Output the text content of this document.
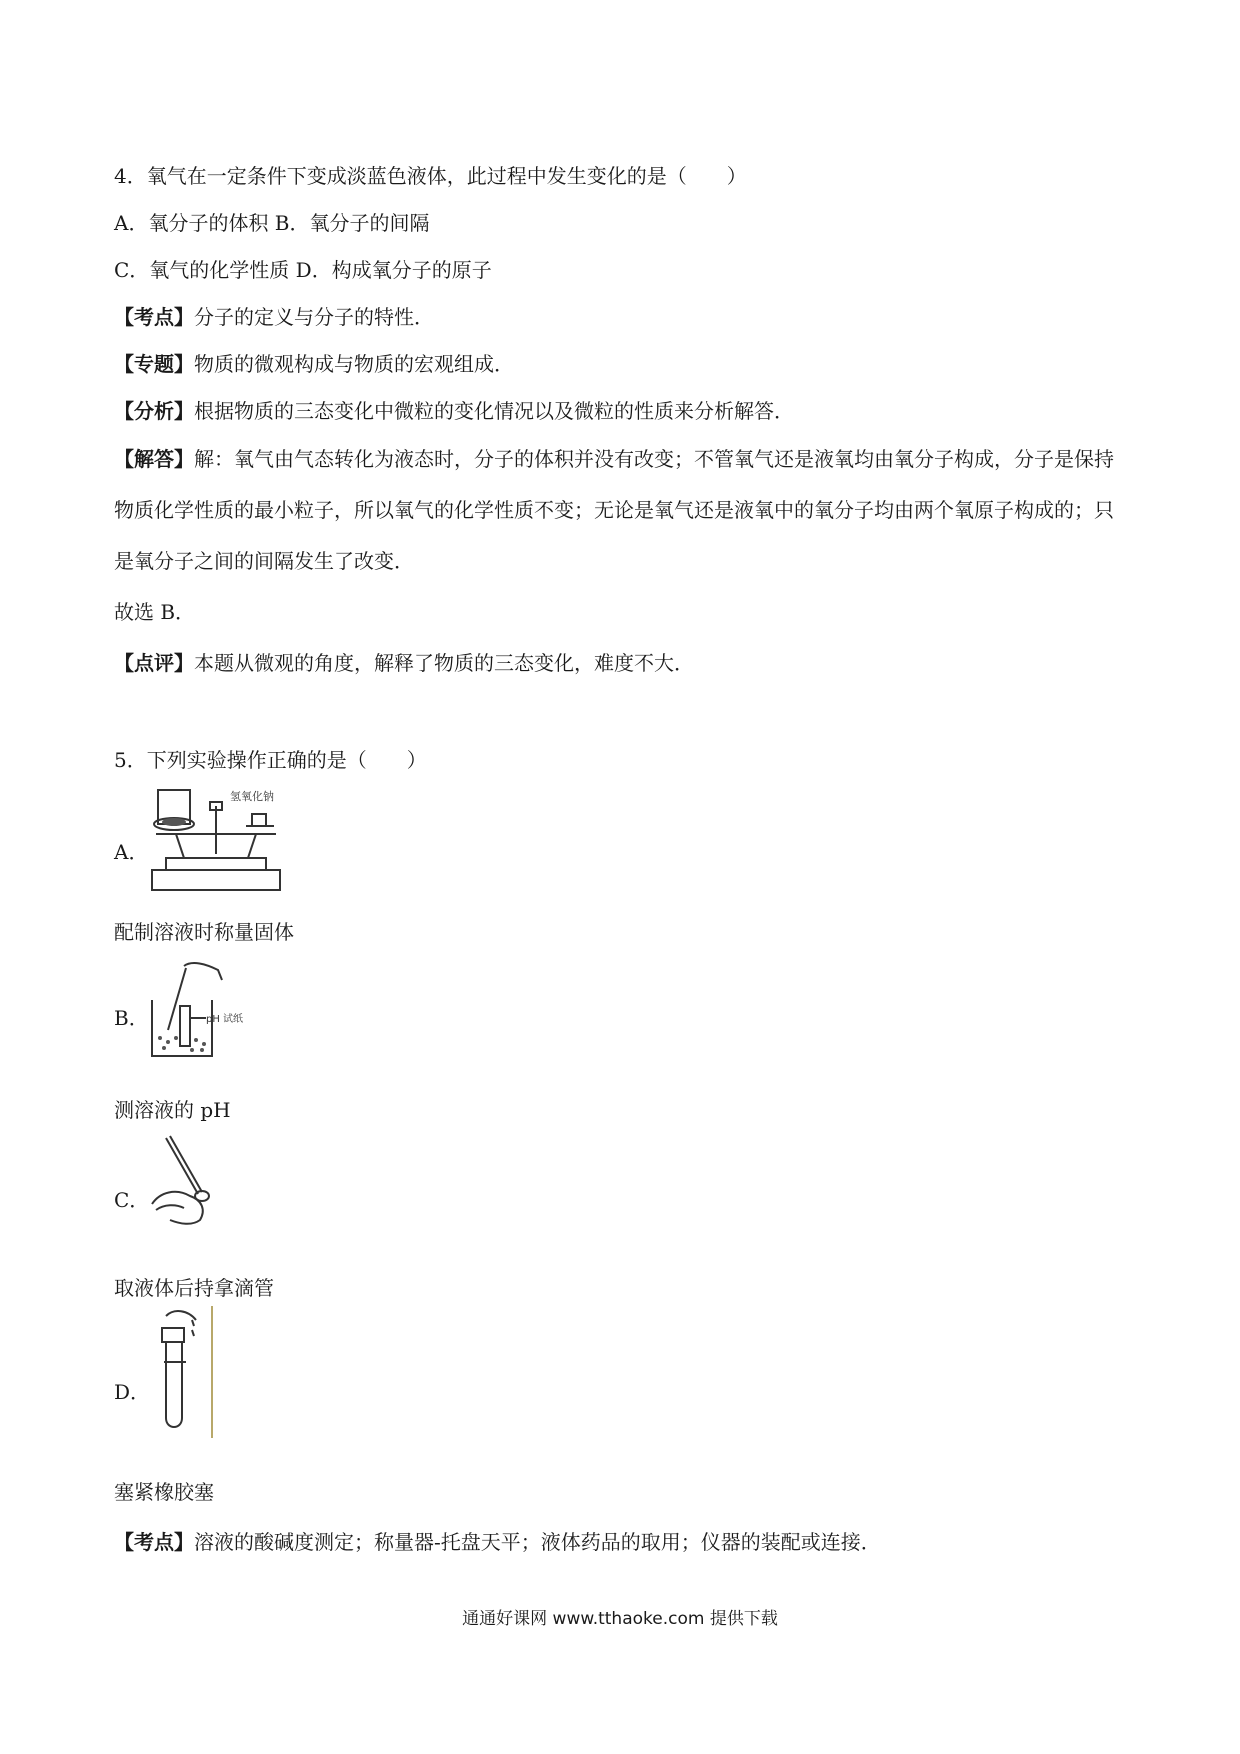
4．氧气在一定条件下变成淡蓝色液体，此过程中发生变化的是（　　）
A．氧分子的体积 B．氧分子的间隔
C．氧气的化学性质 D．构成氧分子的原子
【考点】分子的定义与分子的特性．
【专题】物质的微观构成与物质的宏观组成．
【分析】根据物质的三态变化中微粒的变化情况以及微粒的性质来分析解答．
【解答】解：氧气由气态转化为液态时，分子的体积并没有改变；不管氧气还是液氧均由氧分子构成，分子是保持物质化学性质的最小粒子，所以氧气的化学性质不变；无论是氧气还是液氧中的氧分子均由两个氧原子构成的；只是氧分子之间的间隔发生了改变．
故选 B．
【点评】本题从微观的角度，解释了物质的三态变化，难度不大．
5．下列实验操作正确的是（　　）
A．
氢氧化钠
配制溶液时称量固体
B．	pH 试纸
测溶液的 pH
C．
取液体后持拿滴管
D．
塞紧橡胶塞
【考点】溶液的酸碱度测定；称量器-托盘天平；液体药品的取用；仪器的装配或连接．
通通好课网 www.tthaoke.com 提供下载
